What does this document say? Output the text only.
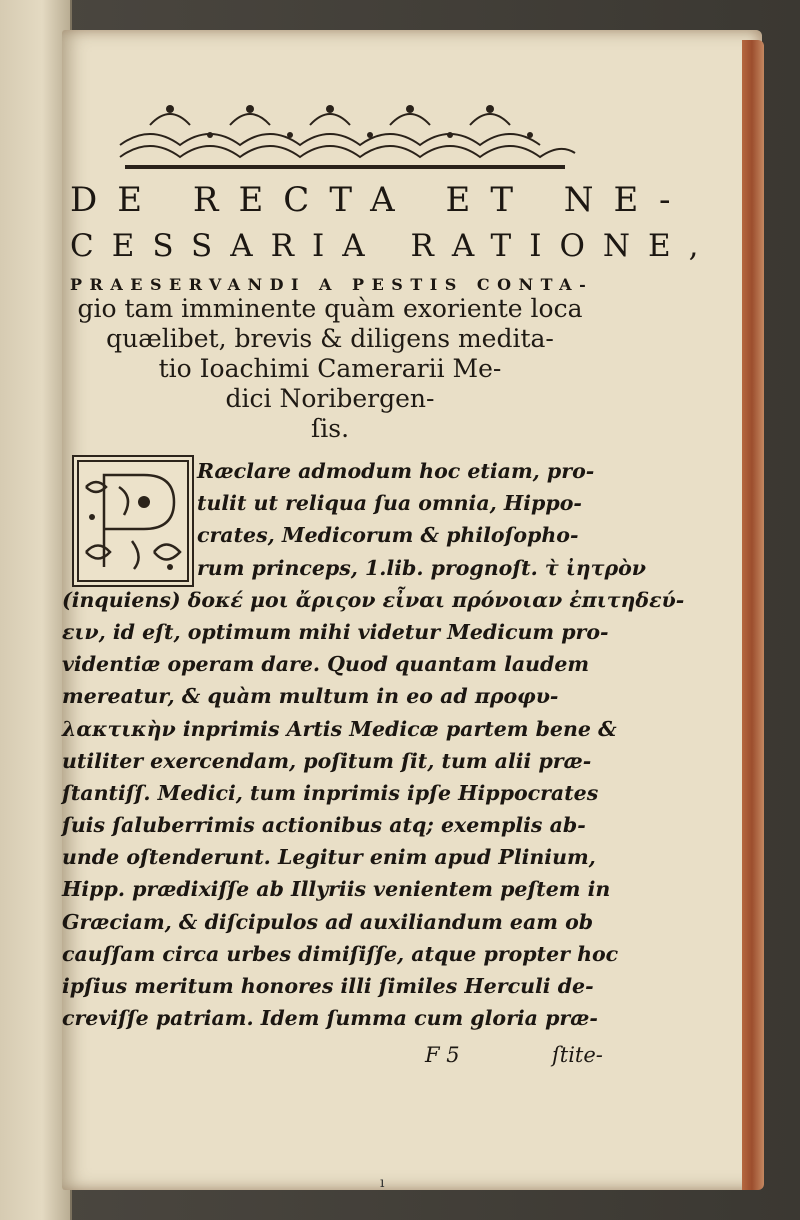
DE RECTA ET NE-
CESSARIA RATIONE,
PRAESERVANDI A PESTIS CONTA-
gio tam imminente quàm exoriente loca
quælibet, brevis & diligens medita-
tio Ioachimi Camerarii Me-
dici Noribergen-
ſis.
Ræclare admodum hoc etiam, pro-
tulit ut reliqua ſua omnia, Hippo-
crates, Medicorum & philoſopho-
rum princeps, 1.lib. prognoſt. τ̀ ἰητρὸν
(inquiens) δοκέ μοι ἄριςον εἶναι πρόνοιαν ἐπιτηδεύ-
ειν, id eſt, optimum mihi videtur Medicum pro-
videntiæ operam dare. Quod quantam laudem
mereatur, & quàm multum in eo ad προφυ-
λακτικὴν inprimis Artis Medicæ partem bene &
utiliter exercendam, poſitum ſit, tum alii præ-
ſtantiſſ. Medici, tum inprimis ipſe Hippocrates
ſuis ſaluberrimis actionibus atq; exemplis ab-
unde oſtenderunt. Legitur enim apud Plinium,
Hipp. prædixiſſe ab Illyriis venientem peſtem in
Græciam, & diſcipulos ad auxiliandum eam ob
cauſſam circa urbes dimiſiſſe, atque propter hoc
ipſius meritum honores illi ſimiles Herculi de-
creviſſe patriam. Idem ſumma cum gloria præ-
F 5	ſtite-
ı
